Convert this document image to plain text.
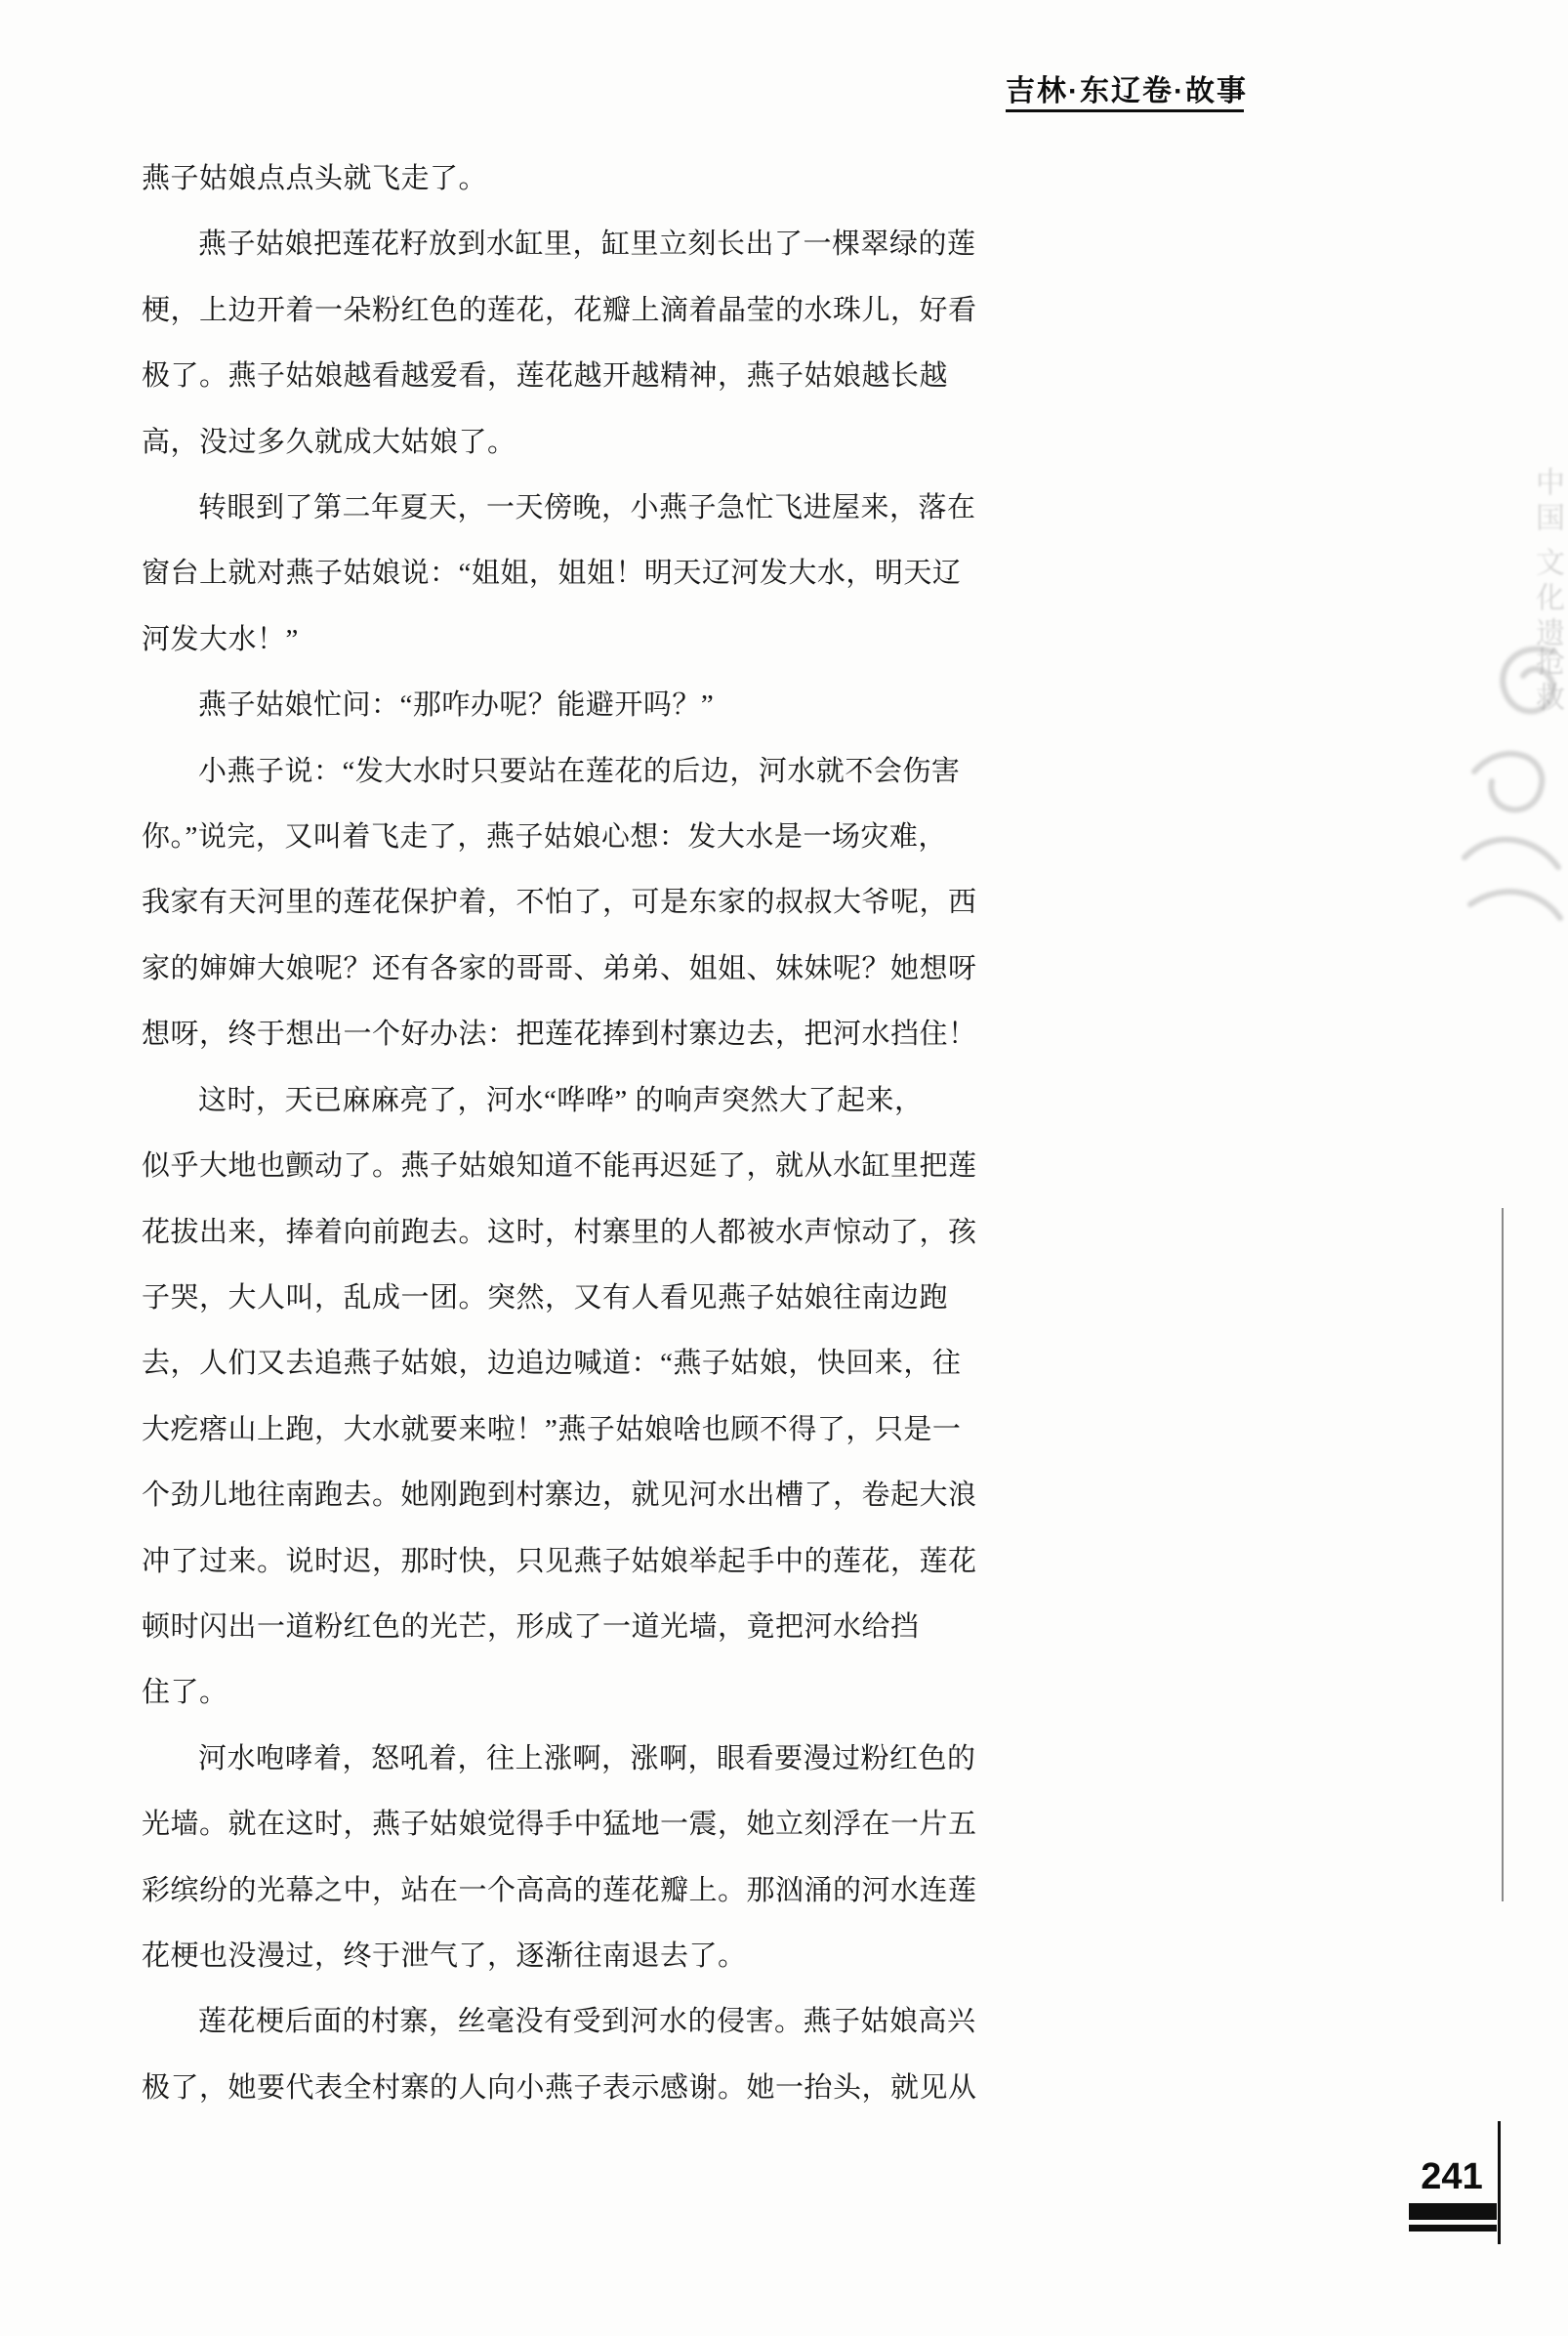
吉林·东辽卷·故事
燕子姑娘点点头就飞走了。
燕子姑娘把莲花籽放到水缸里，缸里立刻长出了一棵翠绿的莲
梗，上边开着一朵粉红色的莲花，花瓣上滴着晶莹的水珠儿，好看
极了。燕子姑娘越看越爱看，莲花越开越精神，燕子姑娘越长越
高，没过多久就成大姑娘了。
转眼到了第二年夏天，一天傍晚，小燕子急忙飞进屋来，落在
窗台上就对燕子姑娘说：“姐姐，姐姐！明天辽河发大水，明天辽
河发大水！”
燕子姑娘忙问：“那咋办呢？能避开吗？”
小燕子说：“发大水时只要站在莲花的后边，河水就不会伤害
你。”说完，又叫着飞走了，燕子姑娘心想：发大水是一场灾难，
我家有天河里的莲花保护着，不怕了，可是东家的叔叔大爷呢，西
家的婶婶大娘呢？还有各家的哥哥、弟弟、姐姐、妹妹呢？她想呀
想呀，终于想出一个好办法：把莲花捧到村寨边去，把河水挡住！
这时，天已麻麻亮了，河水“哗哗” 的响声突然大了起来，
似乎大地也颤动了。燕子姑娘知道不能再迟延了，就从水缸里把莲
花拔出来，捧着向前跑去。这时，村寨里的人都被水声惊动了，孩
子哭，大人叫，乱成一团。突然，又有人看见燕子姑娘往南边跑
去，人们又去追燕子姑娘，边追边喊道：“燕子姑娘，快回来，往
大疙瘩山上跑，大水就要来啦！”燕子姑娘啥也顾不得了，只是一
个劲儿地往南跑去。她刚跑到村寨边，就见河水出槽了，卷起大浪
冲了过来。说时迟，那时快，只见燕子姑娘举起手中的莲花，莲花
顿时闪出一道粉红色的光芒，形成了一道光墙，竟把河水给挡
住了。
河水咆哮着，怒吼着，往上涨啊，涨啊，眼看要漫过粉红色的
光墙。就在这时，燕子姑娘觉得手中猛地一震，她立刻浮在一片五
彩缤纷的光幕之中，站在一个高高的莲花瓣上。那汹涌的河水连莲
花梗也没漫过，终于泄气了，逐渐往南退去了。
莲花梗后面的村寨，丝毫没有受到河水的侵害。燕子姑娘高兴
极了，她要代表全村寨的人向小燕子表示感谢。她一抬头，就见从
中国
文化遗
抢救
241
